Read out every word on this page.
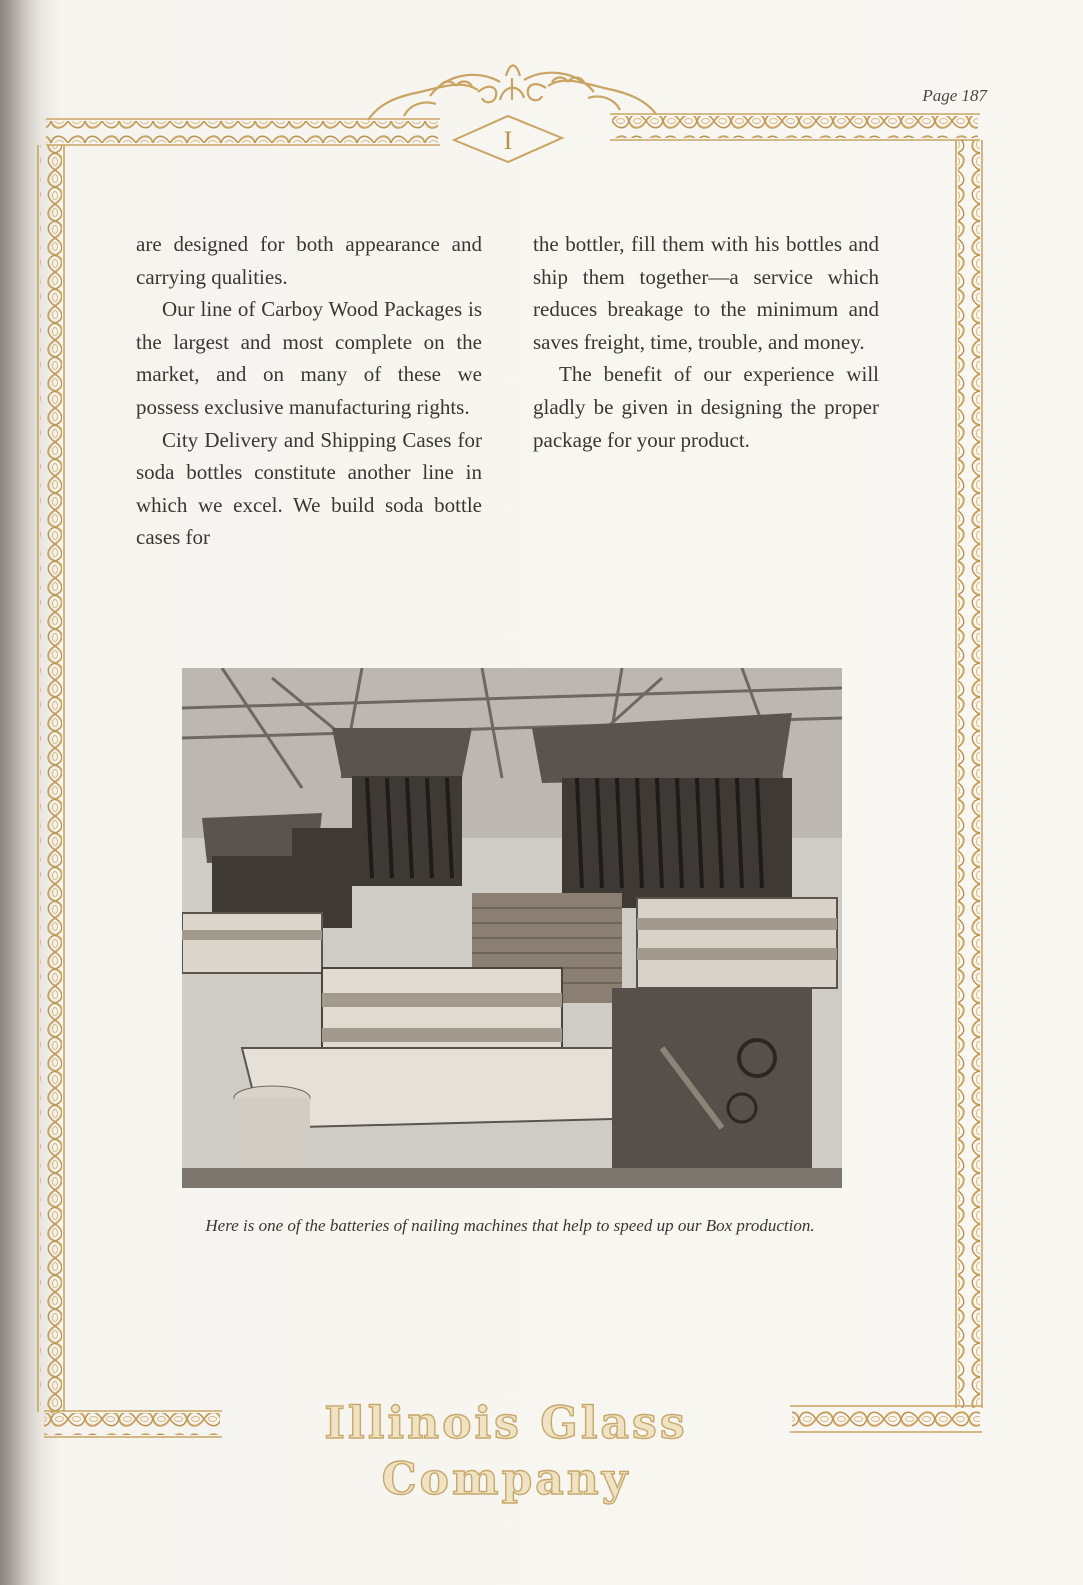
I
Page 187

are designed for both appearance and carrying qualities.

Our line of Carboy Wood Packages is the largest and most complete on the market, and on many of these we possess exclusive manufacturing rights.

City Delivery and Shipping Cases for soda bottles constitute another line in which we excel. We build soda bottle cases for

the bottler, fill them with his bottles and ship them together—a service which reduces breakage to the minimum and saves freight, time, trouble, and money.

The benefit of our experience will gladly be given in designing the proper package for your product.

Here is one of the batteries of nailing machines that help to speed up our Box production.
Illinois Glass Company
